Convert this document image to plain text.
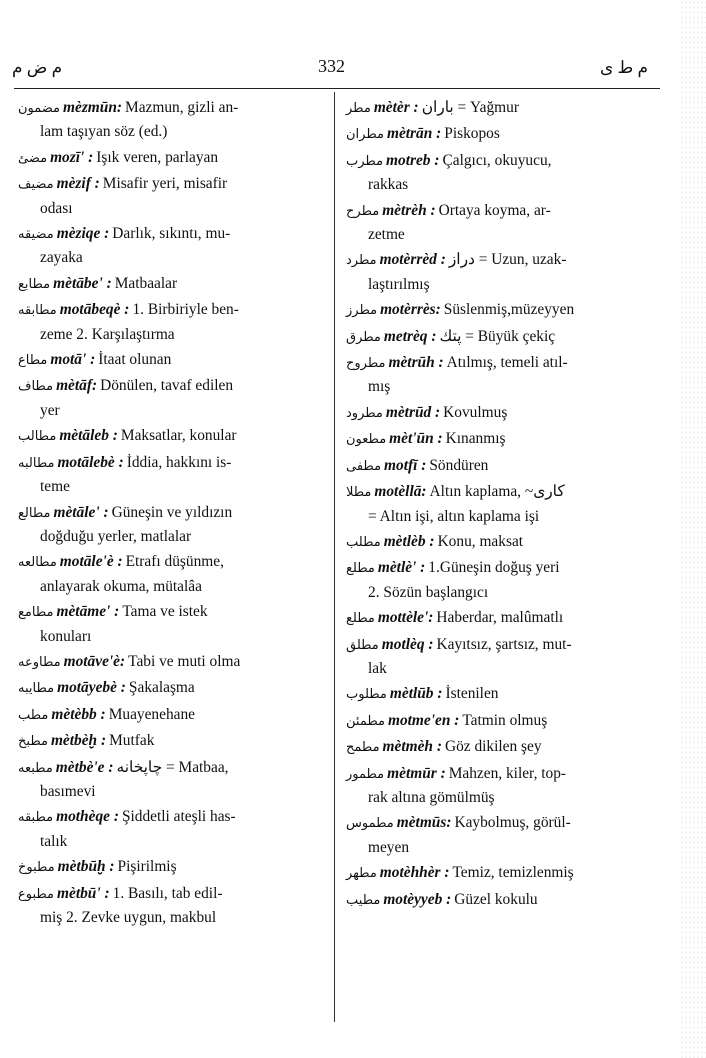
م ض م	332	م ط ی
مضمون mèzmūn: Mazmun, gizli an-
lam taşıyan söz (ed.)
مضئ mozī' : Işık veren, parlayan
مضيف mèzif : Misafir yeri, misafir
odası
مضيقه mèziqe : Darlık, sıkıntı, mu-
zayaka
مطابع mètābe' : Matbaalar
مطابقه motābeqè : 1. Birbiriyle ben-
zeme 2. Karşılaştırma
مطاع motā' : İtaat olunan
مطاف mètāf: Dönülen, tavaf edilen
yer
مطالب mètāleb : Maksatlar, konular
مطالبه motālebè : İddia, hakkını is-
teme
مطالع mètāle' : Güneşin ve yıldızın
doğduğu yerler, matlalar
مطالعه motāle'è : Etrafı düşünme,
anlayarak okuma, mütalâa
مطامع mètāme' : Tama ve istek
konuları
مطاوعه motāve'è: Tabi ve muti olma
مطايبه motāyebè : Şakalaşma
مطب mètèbb : Muayenehane
مطبخ mètbèḫ : Mutfak
مطبعه mètbè'e : چاپخانه = Matbaa,
basımevi
مطبقه mothèqe : Şiddetli ateşli has-
talık
مطبوخ mètbūḫ : Pişirilmiş
مطبوع mètbū' : 1. Basılı, tab edil-
miş 2. Zevke uygun, makbul
مطر mètèr : باران = Yağmur
مطران mètrān : Piskopos
مطرب motreb : Çalgıcı, okuyucu,
rakkas
مطرح mètrèh : Ortaya koyma, ar-
zetme
مطرد motèrrèd : دراز = Uzun, uzak-
laştırılmış
مطرز motèrrès: Süslenmiş,müzeyyen
مطرق metrèq : پتك = Büyük çekiç
مطروح mètrūh : Atılmış, temeli atıl-
mış
مطرود mètrūd : Kovulmuş
مطعون mèt'ūn : Kınanmış
مطفى motfī : Söndüren
مطلا motèllā: Altın kaplama, ~كارى
= Altın işi, altın kaplama işi
مطلب mètlèb : Konu, maksat
مطلع mètlè' : 1.Güneşin doğuş yeri
2. Sözün başlangıcı
مطلع mottèle': Haberdar, malûmatlı
مطلق motlèq : Kayıtsız, şartsız, mut-
lak
مطلوب mètlūb : İstenilen
مطمئن motme'en : Tatmin olmuş
مطمح mètmèh : Göz dikilen şey
مطمور mètmūr : Mahzen, kiler, top-
rak altına gömülmüş
مطموس mètmūs: Kaybolmuş, görül-
meyen
مطهر motèhhèr : Temiz, temizlenmiş
مطيب motèyyeb : Güzel kokulu
